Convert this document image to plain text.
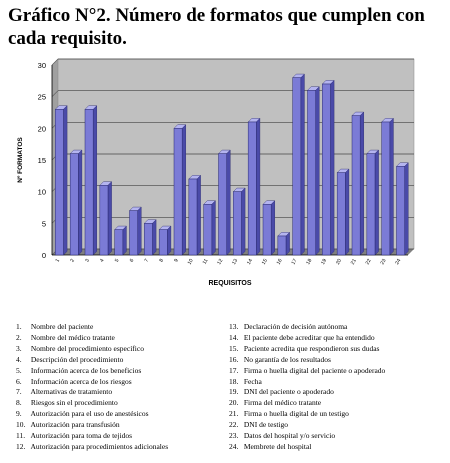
Gráfico N°2. Número de formatos que cumplen con cada requisito.
0
5
10
15
20
25
30
1 2 3 4 5 6 7 8 9 10 11 12 13 14 15 16 17 18 19 20 21 22 23 24
REQUISITOS
Nº FORMATOS
1. Nombre del paciente
2. Nombre del médico tratante
3. Nombre del procedimiento específico
4. Descripción del procedimiento
5. Información acerca de los beneficios
6. Información acerca de los riesgos
7. Alternativas de tratamiento
8. Riesgos sin el procedimiento
9. Autorización para el uso de anestésicos
10. Autorización para transfusión
11. Autorización para toma de tejidos
12. Autorización para procedimientos adicionales
13. Declaración de decisión autónoma
14. El paciente debe acreditar que ha entendido
15. Paciente acredita que respondieron sus dudas
16. No garantía de los resultados
17. Firma o huella digital del paciente o apoderado
18. Fecha
19. DNI del paciente o apoderado
20. Firma del médico tratante
21. Firma o huella digital de un testigo
22. DNI de testigo
23. Datos del hospital y/o servicio
24. Membrete del hospital
